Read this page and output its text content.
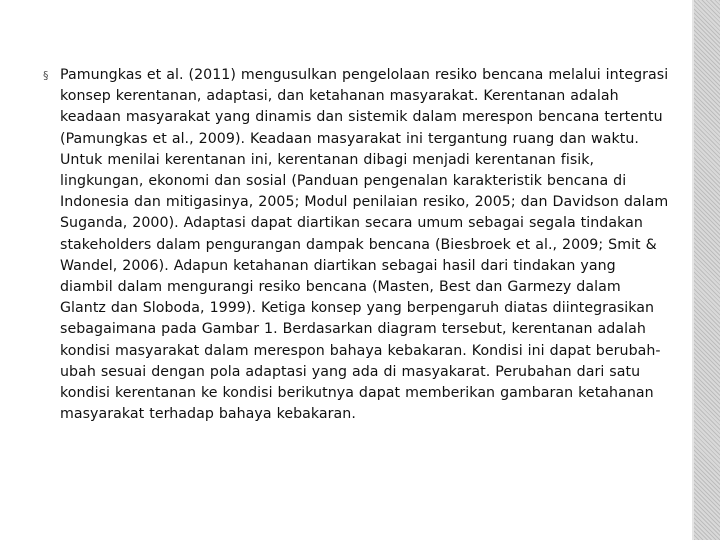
§ Pamungkas et al. (2011) mengusulkan pengelolaan resiko bencana melalui integrasi
konsep kerentanan, adaptasi, dan ketahanan masyarakat. Kerentanan adalah
keadaan masyarakat yang dinamis dan sistemik dalam merespon bencana tertentu
(Pamungkas et al., 2009). Keadaan masyarakat ini tergantung ruang dan waktu.
Untuk menilai kerentanan ini, kerentanan dibagi menjadi kerentanan fisik,
lingkungan, ekonomi dan sosial (Panduan pengenalan karakteristik bencana di
Indonesia dan mitigasinya, 2005; Modul penilaian resiko, 2005; dan Davidson dalam
Suganda, 2000). Adaptasi dapat diartikan secara umum sebagai segala tindakan
stakeholders dalam pengurangan dampak bencana (Biesbroek et al., 2009; Smit &
Wandel, 2006). Adapun ketahanan diartikan sebagai hasil dari tindakan yang
diambil dalam mengurangi resiko bencana (Masten, Best dan Garmezy dalam
Glantz dan Sloboda, 1999). Ketiga konsep yang berpengaruh diatas diintegrasikan
sebagaimana pada Gambar 1. Berdasarkan diagram tersebut, kerentanan adalah
kondisi masyarakat dalam merespon bahaya kebakaran. Kondisi ini dapat berubah-
ubah sesuai dengan pola adaptasi yang ada di masyakarat. Perubahan dari satu
kondisi kerentanan ke kondisi berikutnya dapat memberikan gambaran ketahanan
masyarakat terhadap bahaya kebakaran.
